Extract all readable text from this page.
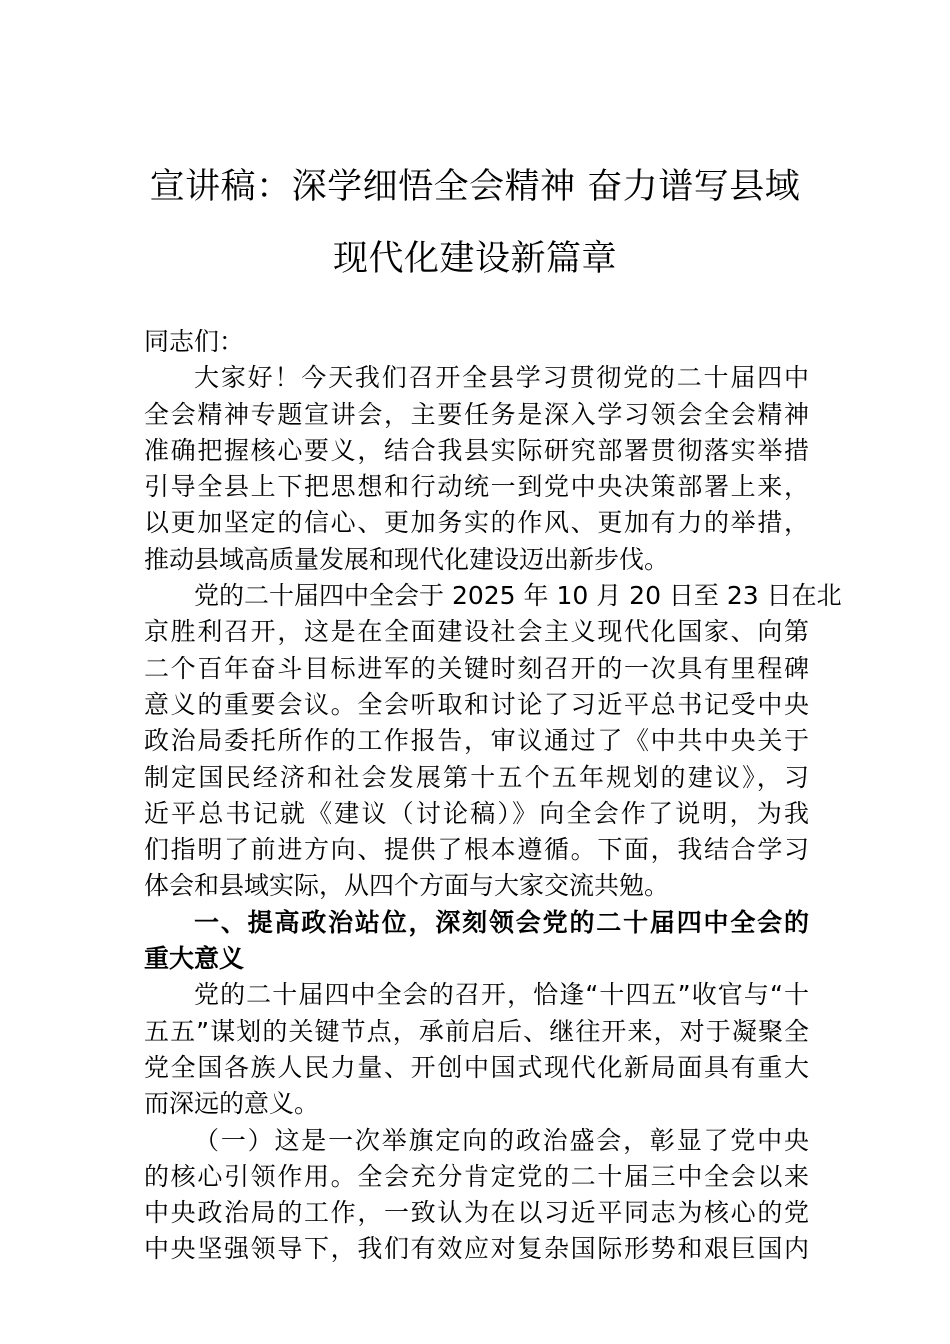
宣讲稿：深学细悟全会精神 奋力谱写县域
现代化建设新篇章

同志们：

大家好！今天我们召开全县学习贯彻党的二十届四中
全会精神专题宣讲会，主要任务是深入学习领会全会精神
准确把握核心要义，结合我县实际研究部署贯彻落实举措
引导全县上下把思想和行动统一到党中央决策部署上来，
以更加坚定的信心、更加务实的作风、更加有力的举措，
推动县域高质量发展和现代化建设迈出新步伐。

党的二十届四中全会于 2025 年 10 月 20 日至 23 日在北
京胜利召开，这是在全面建设社会主义现代化国家、向第
二个百年奋斗目标进军的关键时刻召开的一次具有里程碑
意义的重要会议。全会听取和讨论了习近平总书记受中央
政治局委托所作的工作报告，审议通过了《中共中央关于
制定国民经济和社会发展第十五个五年规划的建议》，习
近平总书记就《建议（讨论稿）》向全会作了说明，为我
们指明了前进方向、提供了根本遵循。下面，我结合学习
体会和县域实际，从四个方面与大家交流共勉。

一、提高政治站位，深刻领会党的二十届四中全会的
重大意义

党的二十届四中全会的召开，恰逢“十四五”收官与“十
五五”谋划的关键节点，承前启后、继往开来，对于凝聚全
党全国各族人民力量、开创中国式现代化新局面具有重大
而深远的意义。

（一）这是一次举旗定向的政治盛会，彰显了党中央
的核心引领作用。全会充分肯定党的二十届三中全会以来
中央政治局的工作，一致认为在以习近平同志为核心的党
中央坚强领导下，我们有效应对复杂国际形势和艰巨国内
